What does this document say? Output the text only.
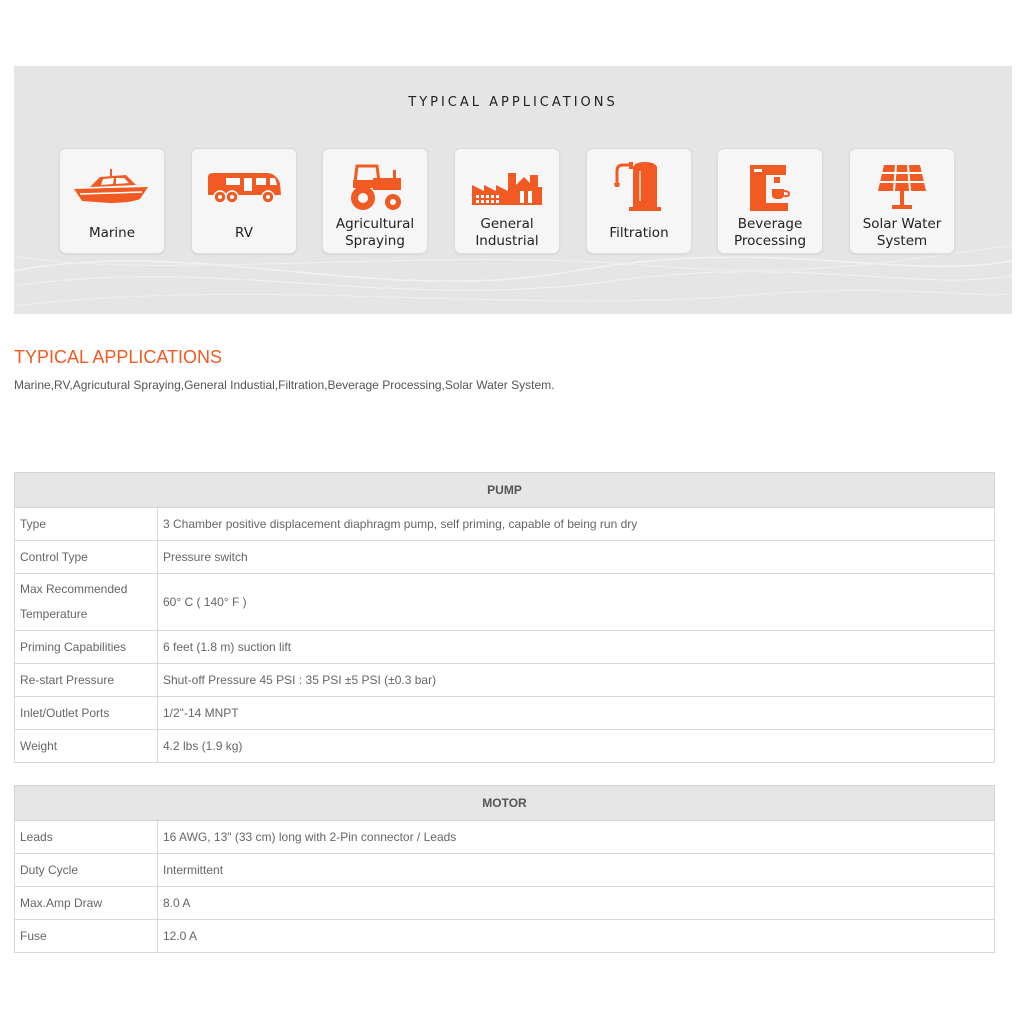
TYPICAL APPLICATIONS
Marine	RV
Agricultural Spraying
General Industrial
Filtration
Beverage Processing
Solar Water System
TYPICAL APPLICATIONS
Marine,RV,Agricutural Spraying,General Industial,Filtration,Beverage Processing,Solar Water System.
PUMP	
Type	3 Chamber positive displacement diaphragm pump, self priming, capable of being run dry
Control Type	Pressure switch
Max Recommended Temperature	60° C ( 140° F )
Priming Capabilities	6 feet (1.8 m) suction lift
Re-start Pressure	Shut-off Pressure 45 PSI : 35 PSI ±5 PSI (±0.3 bar)
Inlet/Outlet Ports	1/2"-14 MNPT
Weight	4.2 lbs (1.9 kg)
MOTOR	
Leads	16 AWG, 13" (33 cm) long with 2-Pin connector / Leads
Duty Cycle	Intermittent
Max.Amp Draw	8.0 A
Fuse	12.0 A
